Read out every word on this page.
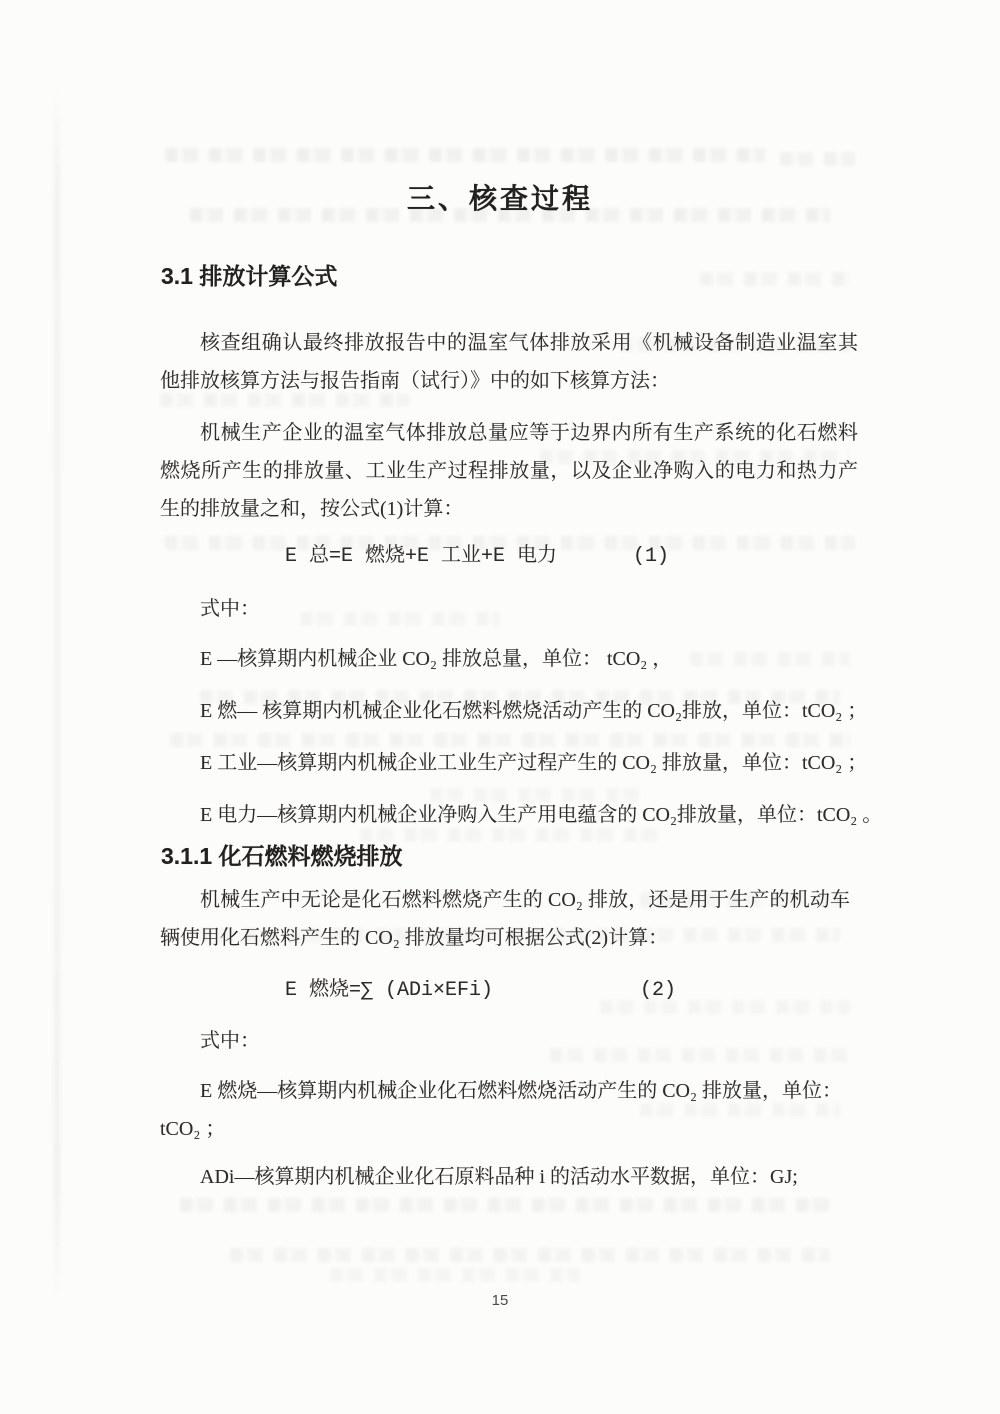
三、核查过程
3.1 排放计算公式
核查组确认最终排放报告中的温室气体排放采用《机械设备制造业温室其他排放核算方法与报告指南（试行）》中的如下核算方法：
机械生产企业的温室气体排放总量应等于边界内所有生产系统的化石燃料燃烧所产生的排放量、工业生产过程排放量，以及企业净购入的电力和热力产生的排放量之和，按公式(1)计算：
E 总=E 燃烧+E 工业+E 电力	(1)
式中：
E —核算期内机械企业 CO₂ 排放总量，单位： tCO₂ ，
E 燃— 核算期内机械企业化石燃料燃烧活动产生的 CO₂排放，单位：tCO₂ ；
E 工业—核算期内机械企业工业生产过程产生的 CO₂ 排放量，单位：tCO₂ ；
E 电力—核算期内机械企业净购入生产用电蕴含的 CO₂排放量，单位：tCO₂ 。
3.1.1 化石燃料燃烧排放
机械生产中无论是化石燃料燃烧产生的 CO₂ 排放，还是用于生产的机动车辆使用化石燃料产生的 CO₂ 排放量均可根据公式(2)计算：
E 燃烧=∑ (ADi×EFi)	(2)
式中：
E 燃烧—核算期内机械企业化石燃料燃烧活动产生的 CO₂ 排放量，单位：
tCO₂ ；
ADi—核算期内机械企业化石原料品种 i 的活动水平数据，单位：GJ;
15
